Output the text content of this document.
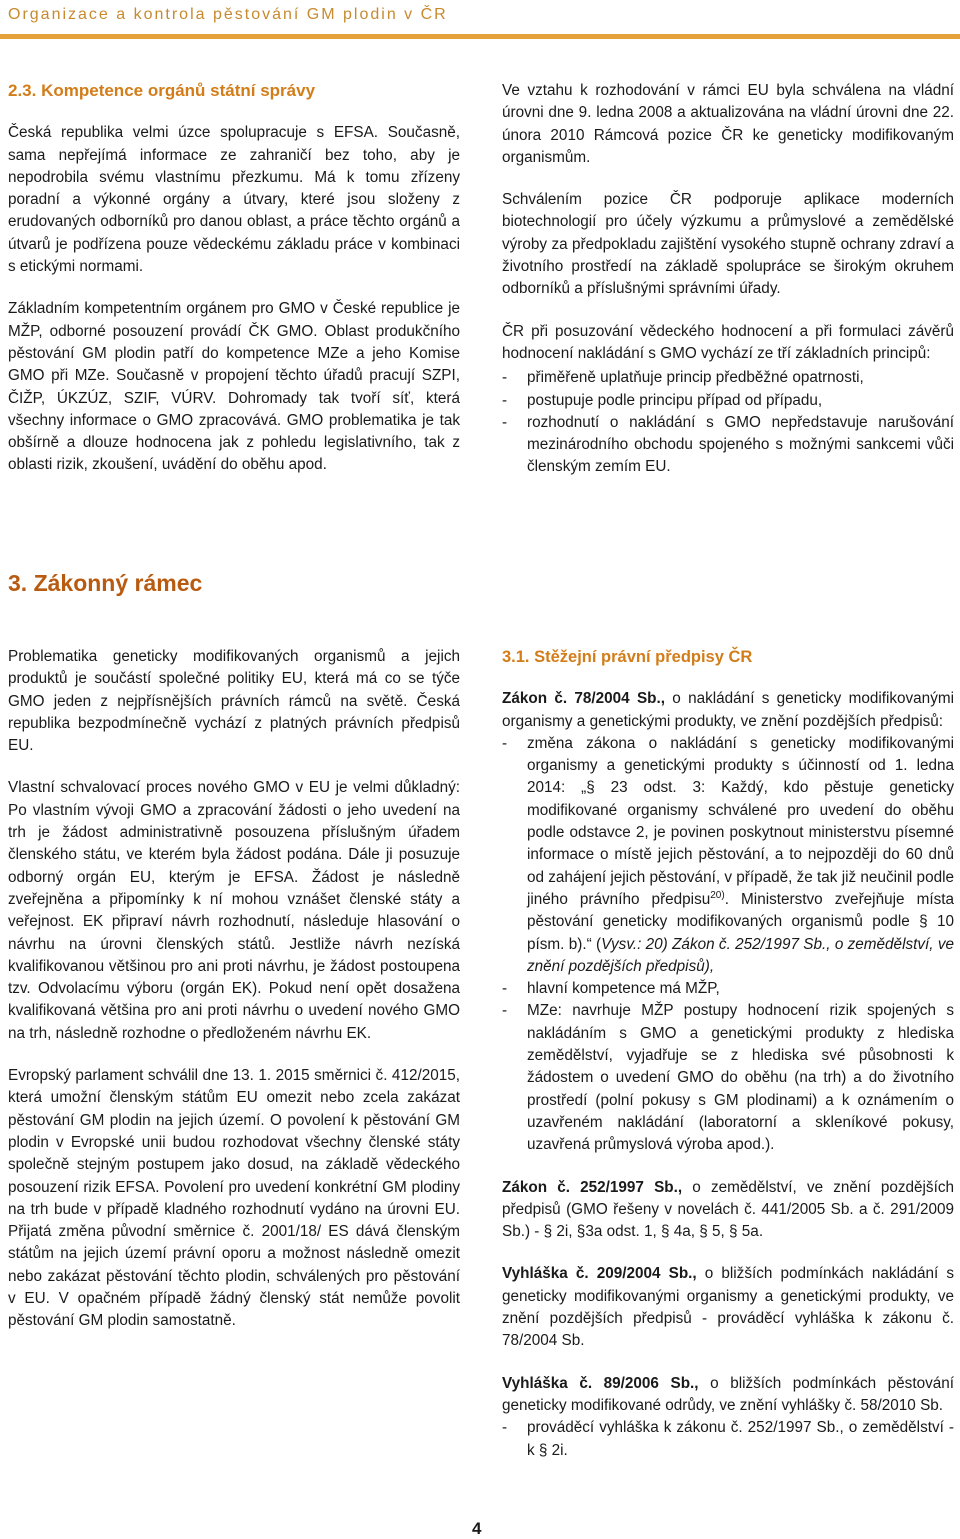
Organizace a kontrola pěstování GM plodin v ČR

2.3. Kompetence orgánů státní správy

Česká republika velmi úzce spolupracuje s EFSA. Současně, sama nepřejímá informace ze zahraničí bez toho, aby je nepodrobila svému vlastnímu přezkumu. Má k tomu zřízeny poradní a výkonné orgány a útvary, které jsou složeny z erudovaných odborníků pro danou oblast, a práce těchto orgánů a útvarů je podřízena pouze vědeckému základu práce v kombinaci s etickými normami.

Základním kompetentním orgánem pro GMO v České republice je MŽP, odborné posouzení provádí ČK GMO. Oblast produkčního pěstování GM plodin patří do kompetence MZe a jeho Komise GMO při MZe. Současně v propojení těchto úřadů pracují SZPI, ČIŽP, ÚKZÚZ, SZIF, VÚRV. Dohromady tak tvoří síť, která všechny informace o GMO zpracovává. GMO problematika je tak obšírně a dlouze hodnocena jak z pohledu legislativního, tak z oblasti rizik, zkoušení, uvádění do oběhu apod.

Ve vztahu k rozhodování v rámci EU byla schválena na vládní úrovni dne 9. ledna 2008 a aktualizována na vládní úrovni dne 22. února 2010 Rámcová pozice ČR ke geneticky modifikovaným organismům.

Schválením pozice ČR podporuje aplikace moderních biotechnologií pro účely výzkumu a průmyslové a zemědělské výroby za předpokladu zajištění vysokého stupně ochrany zdraví a životního prostředí na základě spolupráce se širokým okruhem odborníků a příslušnými správními úřady.

ČR při posuzování vědeckého hodnocení a při formulaci závěrů hodnocení nakládání s GMO vychází ze tří základních principů:

- přiměřeně uplatňuje princip předběžné opatrnosti,
- postupuje podle principu případ od případu,
- rozhodnutí o nakládání s GMO nepředstavuje narušování mezinárodního obchodu spojeného s možnými sankcemi vůči členským zemím EU.
3. Zákonný rámec

Problematika geneticky modifikovaných organismů a jejich produktů je součástí společné politiky EU, která má co se týče GMO jeden z nejpřísnějších právních rámců na světě. Česká republika bezpodmínečně vychází z platných právních předpisů EU.

Vlastní schvalovací proces nového GMO v EU je velmi důkladný: Po vlastním vývoji GMO a zpracování žádosti o jeho uvedení na trh je žádost administrativně posouzena příslušným úřadem členského státu, ve kterém byla žádost podána. Dále ji posuzuje odborný orgán EU, kterým je EFSA. Žádost je následně zveřejněna a připomínky k ní mohou vznášet členské státy a veřejnost. EK připraví návrh rozhodnutí, následuje hlasování o návrhu na úrovni členských států. Jestliže návrh nezíská kvalifikovanou většinou pro ani proti návrhu, je žádost postoupena tzv. Odvolacímu výboru (orgán EK). Pokud není opět dosažena kvalifikovaná většina pro ani proti návrhu o uvedení nového GMO na trh, následně rozhodne o předloženém návrhu EK.

Evropský parlament schválil dne 13. 1. 2015 směrnici č. 412/2015, která umožní členským státům EU omezit nebo zcela zakázat pěstování GM plodin na jejich území. O povolení k pěstování GM plodin v Evropské unii budou rozhodovat všechny členské státy společně stejným postupem jako dosud, na základě vědeckého posouzení rizik EFSA. Povolení pro uvedení konkrétní GM plodiny na trh bude v případě kladného rozhodnutí vydáno na úrovni EU. Přijatá změna původní směrnice č. 2001/18/ ES dává členským státům na jejich území právní oporu a možnost následně omezit nebo zakázat pěstování těchto plodin, schválených pro pěstování v EU. V opačném případě žádný členský stát nemůže povolit pěstování GM plodin samostatně.

3.1. Stěžejní právní předpisy ČR

Zákon č. 78/2004 Sb., o nakládání s geneticky modifikovanými organismy a genetickými produkty, ve znění pozdějších předpisů:

- změna zákona o nakládání s geneticky modifikovanými organismy a genetickými produkty s účinností od 1. ledna 2014: „§ 23 odst. 3: Každý, kdo pěstuje geneticky modifikované organismy schválené pro uvedení do oběhu podle odstavce 2, je povinen poskytnout ministerstvu písemné informace o místě jejich pěstování, a to nejpozději do 60 dnů od zahájení jejich pěstování, v případě, že tak již neučinil podle jiného právního předpisu$^{20)}$. Ministerstvo zveřejňuje místa pěstování geneticky modifikovaných organismů podle § 10 písm. b).“ (Vysv.: 20) Zákon č. 252/1997 Sb., o zemědělství, ve znění pozdějších předpisů),
- hlavní kompetence má MŽP,
- MZe: navrhuje MŽP postupy hodnocení rizik spojených s nakládáním s GMO a genetickými produkty z hlediska zemědělství, vyjadřuje se z hlediska své působnosti k žádostem o uvedení GMO do oběhu (na trh) a do životního prostředí (polní pokusy s GM plodinami) a k oznámením o uzavřeném nakládání (laboratorní a skleníkové pokusy, uzavřená průmyslová výroba apod.).

Zákon č. 252/1997 Sb., o zemědělství, ve znění pozdějších předpisů (GMO řešeny v novelách č. 441/2005 Sb. a č. 291/2009 Sb.) - § 2i, §3a odst. 1, § 4a, § 5, § 5a.

Vyhláška č. 209/2004 Sb., o bližších podmínkách nakládání s geneticky modifikovanými organismy a genetickými produkty, ve znění pozdějších předpisů - prováděcí vyhláška k zákonu č. 78/2004 Sb.

Vyhláška č. 89/2006 Sb., o bližších podmínkách pěstování geneticky modifikované odrůdy, ve znění vyhlášky č. 58/2010 Sb.

- prováděcí vyhláška k zákonu č. 252/1997 Sb., o zemědělství - k § 2i.
4
